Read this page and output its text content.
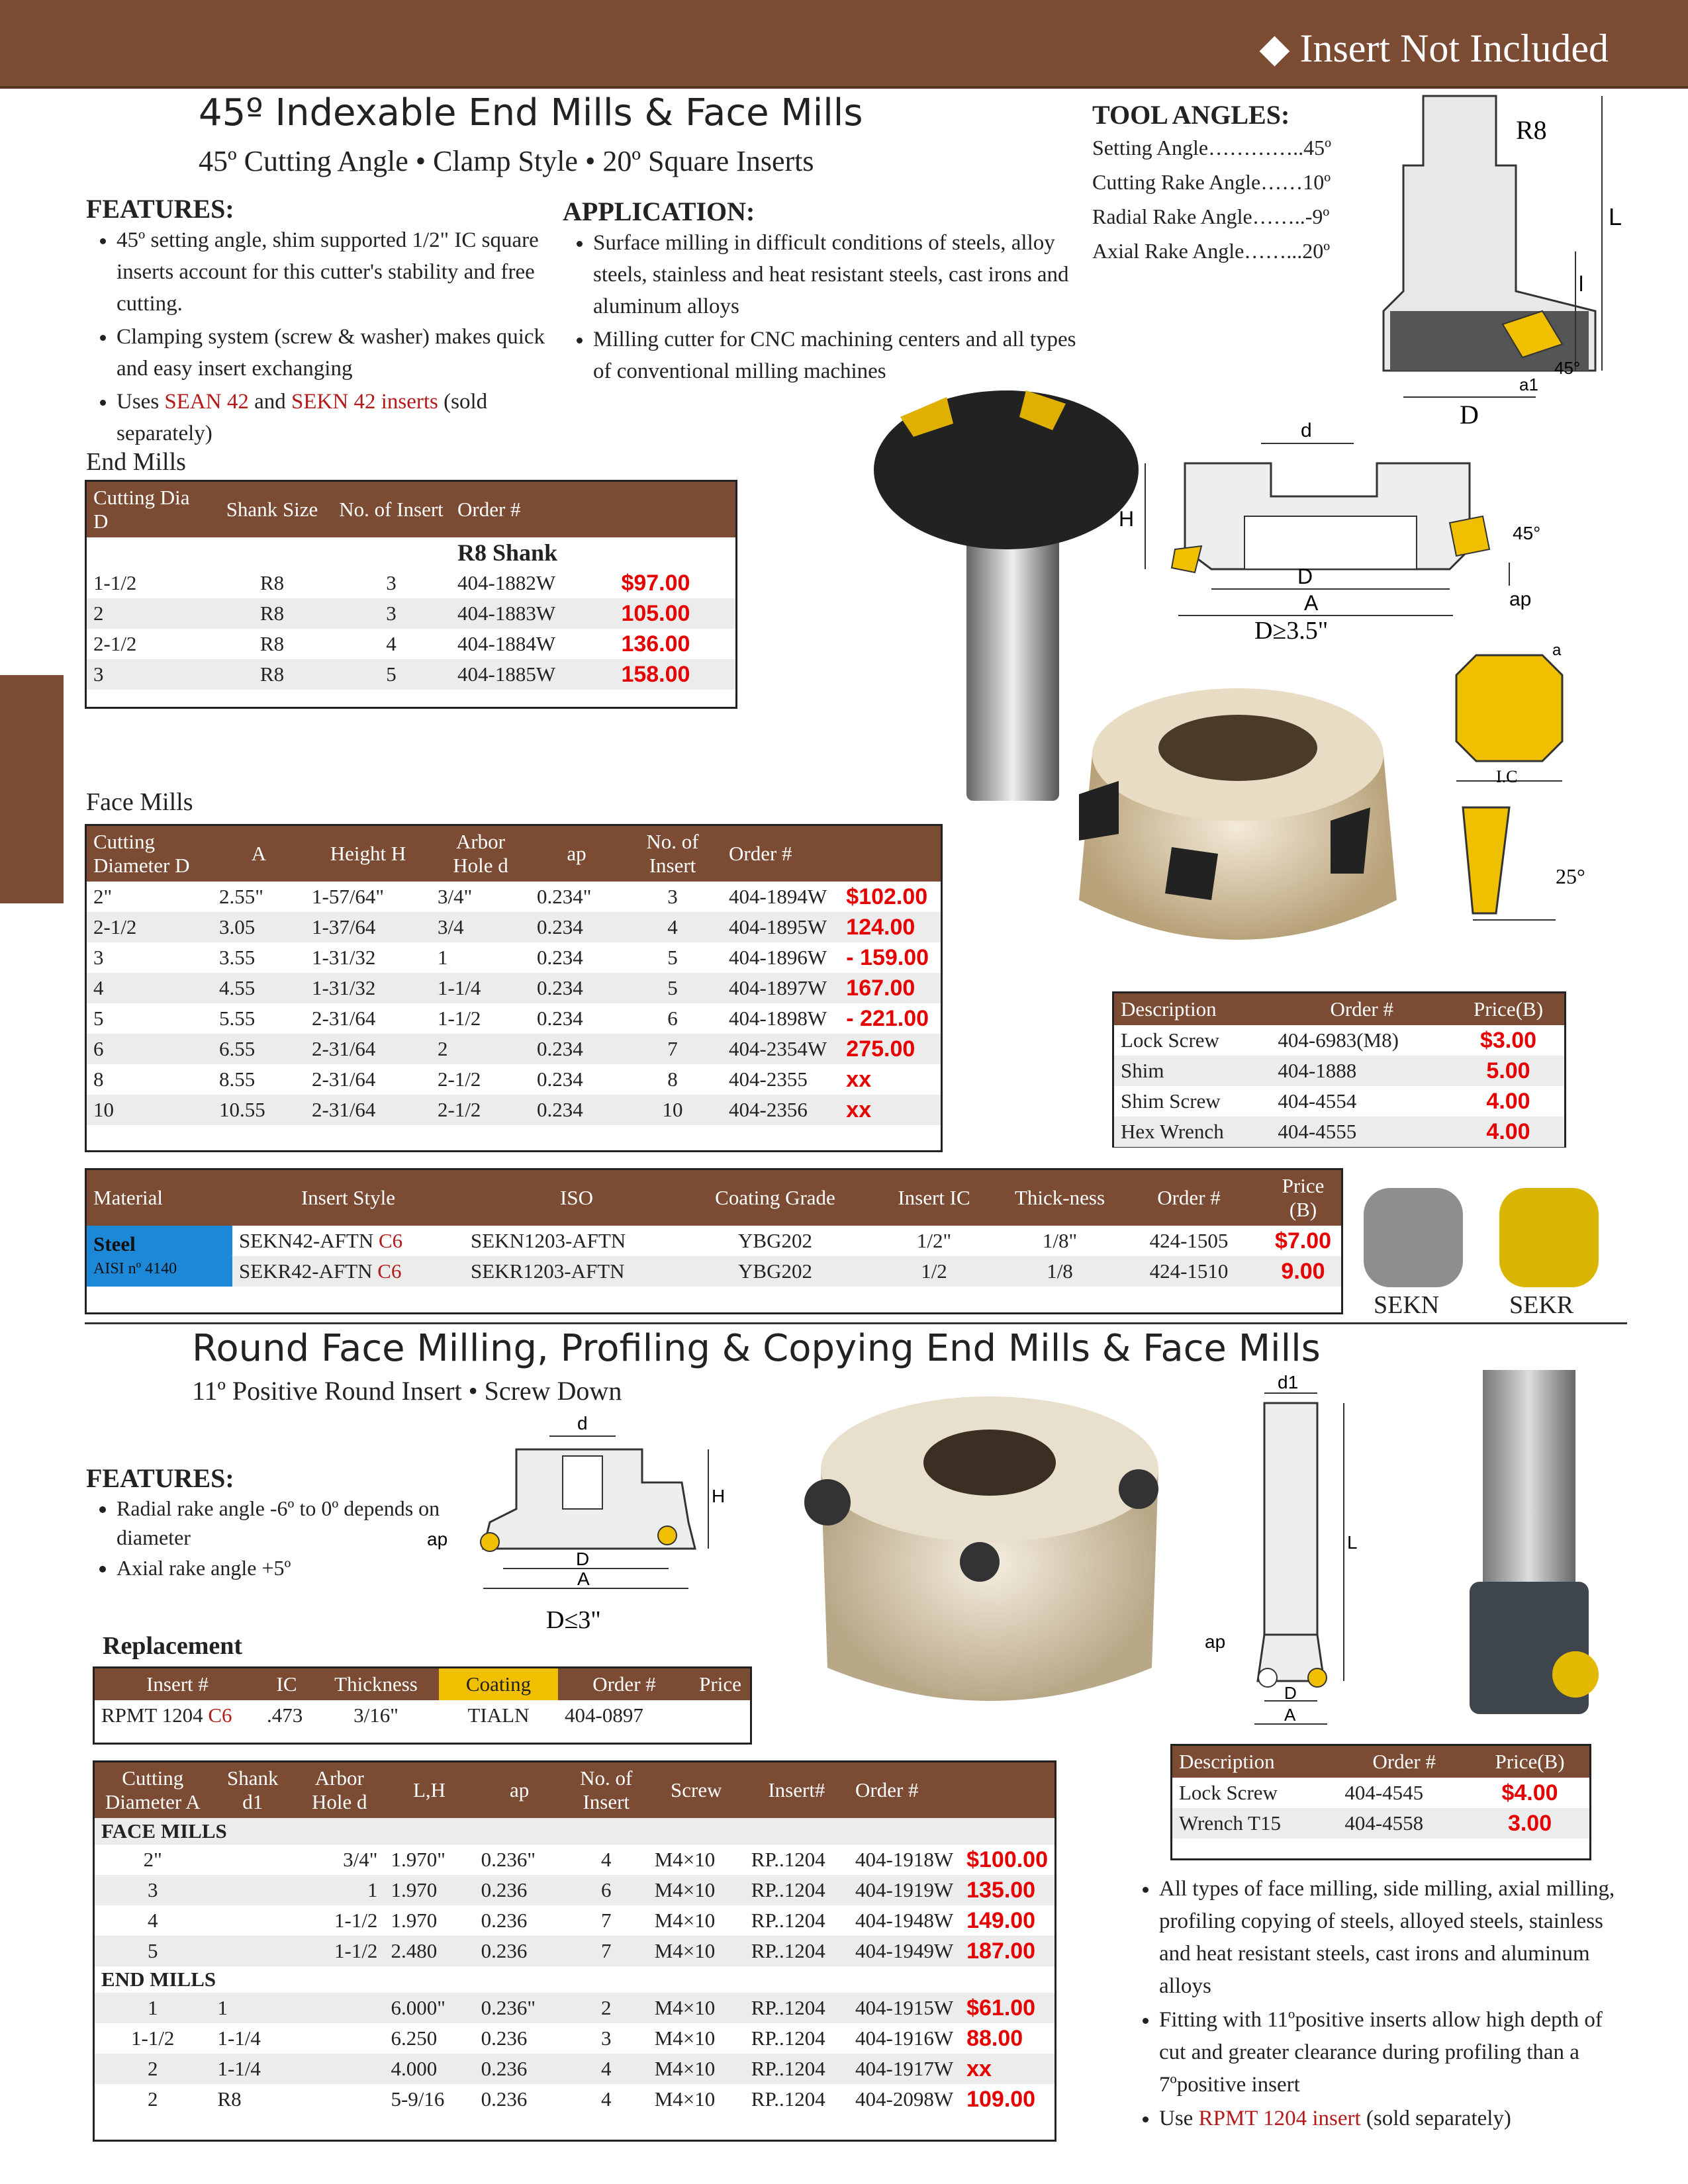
◆ Insert Not Included
45º Indexable End Mills & Face Mills
45º Cutting Angle • Clamp Style • 20º Square Inserts
FEATURES:
• 45º setting angle, shim supported 1/2" IC square inserts account for this cutter's stability and free cutting.
• Clamping system (screw & washer) makes quick and easy insert exchanging
• Uses SEAN 42 and SEKN 42 inserts (sold separately)
APPLICATION:
• Surface milling in difficult conditions of steels, alloy steels, stainless and heat resistant steels, cast irons and aluminum alloys
• Milling cutter for CNC machining centers and all types of conventional milling machines
TOOL ANGLES:
Setting Angle…………..45º
Cutting Rake Angle……10º
Radial Rake Angle……..-9º
Axial Rake Angle……...20º
R8
L
l
D
45°
a1
d
H
D
A
45°
ap
D≥3.5"
I.C
a
25°
End Mills
Cutting Dia D	Shank Size	No. of Insert	Order #	
			R8 Shank	
1-1/2	R8	3	404-1882W	$97.00
2	R8	3	404-1883W	105.00
2-1/2	R8	4	404-1884W	136.00
3	R8	5	404-1885W	158.00
Face Mills
Cutting Diameter D	A	Height H	Arbor Hole d	ap	No. of Insert	Order #	
2"	2.55"	1-57/64"	3/4"	0.234"	3	404-1894W	$102.00
2-1/2	3.05	1-37/64	3/4	0.234	4	404-1895W	124.00
3	3.55	1-31/32	1	0.234	5	404-1896W	- 159.00
4	4.55	1-31/32	1-1/4	0.234	5	404-1897W	167.00
5	5.55	2-31/64	1-1/2	0.234	6	404-1898W	- 221.00
6	6.55	2-31/64	2	0.234	7	404-2354W	275.00
8	8.55	2-31/64	2-1/2	0.234	8	404-2355	xx
10	10.55	2-31/64	2-1/2	0.234	10	404-2356	xx
Description	Order #	Price(B)
Lock Screw	404-6983(M8)	$3.00
Shim	404-1888	5.00
Shim Screw	404-4554	4.00
Hex Wrench	404-4555	4.00
Material	Insert Style	ISO	Coating Grade	Insert IC	Thick-ness	Order #	Price (B)
Steel
AISI nº 4140	SEKN42-AFTN C6	SEKN1203-AFTN	YBG202	1/2"	1/8"	424-1505	$7.00
	SEKR42-AFTN C6	SEKR1203-AFTN	YBG202	1/2	1/8	424-1510	9.00
SEKN	SEKR
Round Face Milling, Profiling & Copying End Mills & Face Mills
11º Positive Round Insert • Screw Down
FEATURES:
• Radial rake angle -6º to 0º depends on diameter
• Axial rake angle +5º
d
H
ap
D
A
D≤3"
d1
L
ap
D
A
Replacement
Insert #	IC	Thickness	Coating	Order #	Price
RPMT 1204 C6	.473	3/16"	TIALN	404-0897	
Cutting Diameter A	Shank d1	Arbor Hole d	L,H	ap	No. of Insert	Screw	Insert#	Order #	
FACE MILLS									
2"		3/4"	1.970"	0.236"	4	M4×10	RP..1204	404-1918W	$100.00
3		1	1.970	0.236	6	M4×10	RP..1204	404-1919W	135.00
4		1-1/2	1.970	0.236	7	M4×10	RP..1204	404-1948W	149.00
5		1-1/2	2.480	0.236	7	M4×10	RP..1204	404-1949W	187.00
END MILLS									
1	1		6.000"	0.236"	2	M4×10	RP..1204	404-1915W	$61.00
1-1/2	1-1/4		6.250	0.236	3	M4×10	RP..1204	404-1916W	88.00
2	1-1/4		4.000	0.236	4	M4×10	RP..1204	404-1917W	xx
2	R8		5-9/16	0.236	4	M4×10	RP..1204	404-2098W	109.00
Description	Order #	Price(B)
Lock Screw	404-4545	$4.00
Wrench T15	404-4558	3.00
• All types of face milling, side milling, axial milling, profiling copying of steels, alloyed steels, stainless and heat resistant steels, cast irons and aluminum alloys
• Fitting with 11ºpositive inserts allow high depth of cut and greater clearance during profiling than a 7ºpositive insert
• Use RPMT 1204 insert (sold separately)
